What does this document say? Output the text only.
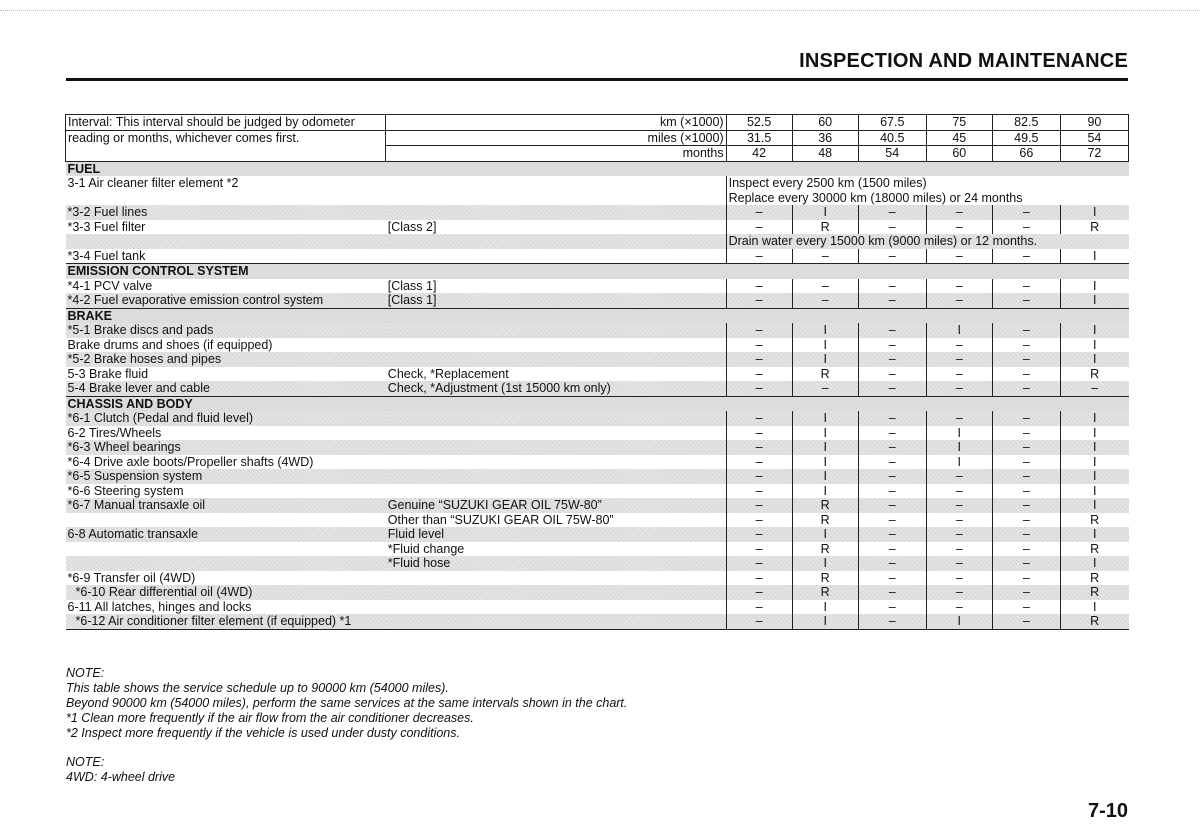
INSPECTION AND MAINTENANCE
Interval: This interval should be judged by odometer	km (×1000)	52.5	60	67.5	75	82.5	90
reading or months, whichever comes first.	miles (×1000)	31.5	36	40.5	45	49.5	54
	months	42	48	54	60	66	72
FUEL							
3-1 Air cleaner filter element *2		Inspect every 2500 km (1500 miles)					
		Replace every 30000 km (18000 miles) or 24 months					
*3-2 Fuel lines		–	I	–	–	–	I
*3-3 Fuel filter	[Class 2]	–	R	–	–	–	R
		Drain water every 15000 km (9000 miles) or 12 months.					
*3-4 Fuel tank		–	–	–	–	–	I
EMISSION CONTROL SYSTEM							
*4-1 PCV valve	[Class 1]	–	–	–	–	–	I
*4-2 Fuel evaporative emission control system	[Class 1]	–	–	–	–	–	I
BRAKE							
*5-1 Brake discs and pads		–	I	–	I	–	I
Brake drums and shoes (if equipped)		–	I	–	–	–	I
*5-2 Brake hoses and pipes		–	I	–	–	–	I
5-3 Brake fluid	Check, *Replacement	–	R	–	–	–	R
5-4 Brake lever and cable	Check, *Adjustment (1st 15000 km only)	–	–	–	–	–	–
CHASSIS AND BODY							
*6-1 Clutch (Pedal and fluid level)		–	I	–	–	–	I
6-2 Tires/Wheels		–	I	–	I	–	I
*6-3 Wheel bearings		–	I	–	I	–	I
*6-4 Drive axle boots/Propeller shafts (4WD)		–	I	–	I	–	I
*6-5 Suspension system		–	I	–	–	–	I
*6-6 Steering system		–	I	–	–	–	I
*6-7 Manual transaxle oil	Genuine “SUZUKI GEAR OIL 75W-80”	–	R	–	–	–	I
	Other than “SUZUKI GEAR OIL 75W-80”	–	R	–	–	–	R
6-8 Automatic transaxle	Fluid level	–	I	–	–	–	I
	*Fluid change	–	R	–	–	–	R
	*Fluid hose	–	I	–	–	–	I
*6-9 Transfer oil (4WD)		–	R	–	–	–	R
*6-10 Rear differential oil (4WD)		–	R	–	–	–	R
6-11 All latches, hinges and locks		–	I	–	–	–	I
*6-12 Air conditioner filter element (if equipped) *1		–	I	–	I	–	R
NOTE:
This table shows the service schedule up to 90000 km (54000 miles).
Beyond 90000 km (54000 miles), perform the same services at the same intervals shown in the chart.
*1 Clean more frequently if the air flow from the air conditioner decreases.
*2 Inspect more frequently if the vehicle is used under dusty conditions.
NOTE:
4WD: 4-wheel drive
7-10
